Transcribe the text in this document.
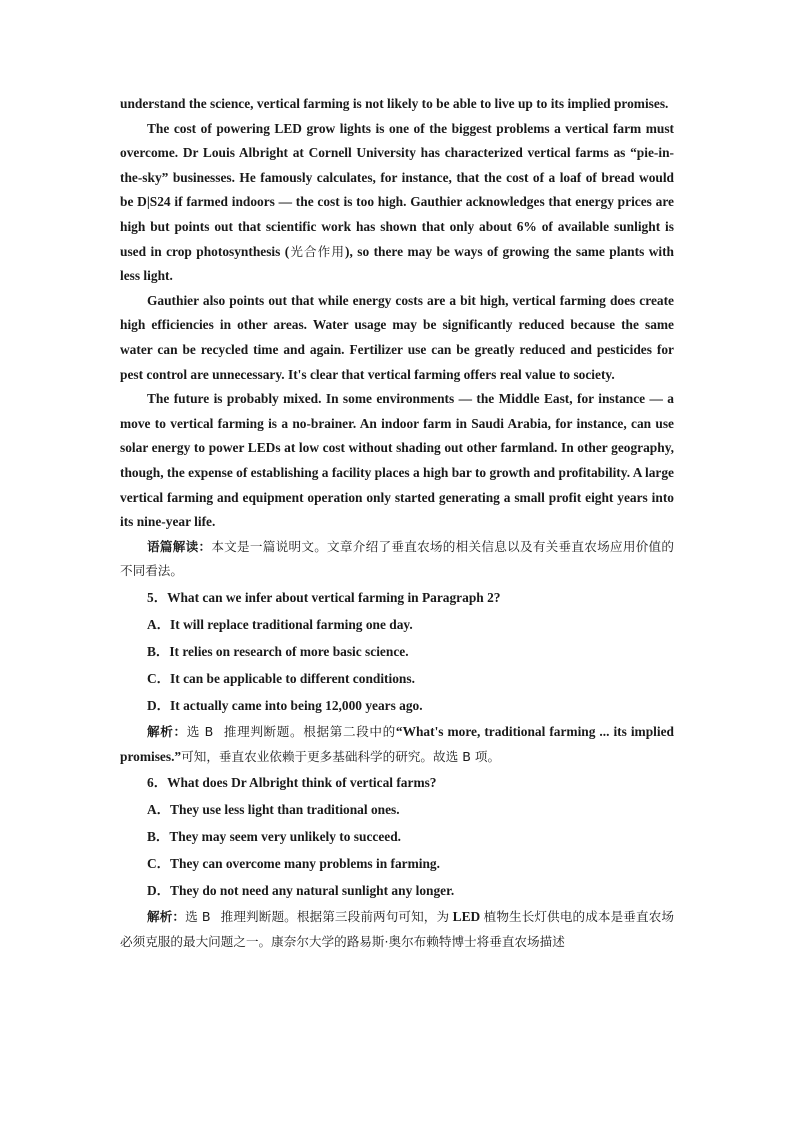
understand the science, vertical farming is not likely to be able to live up to its implied promises.

The cost of powering LED grow lights is one of the biggest problems a vertical farm must overcome. Dr Louis Albright at Cornell University has characterized vertical farms as “pie-in-the-sky” businesses. He famously calculates, for instance, that the cost of a loaf of bread would be D|S24 if farmed indoors — the cost is too high. Gauthier acknowledges that energy prices are high but points out that scientific work has shown that only about 6% of available sunlight is used in crop photosynthesis (光合作用), so there may be ways of growing the same plants with less light.

Gauthier also points out that while energy costs are a bit high, vertical farming does create high efficiencies in other areas. Water usage may be significantly reduced because the same water can be recycled time and again. Fertilizer use can be greatly reduced and pesticides for pest control are unnecessary. It's clear that vertical farming offers real value to society.

The future is probably mixed. In some environments — the Middle East, for instance — a move to vertical farming is a no-brainer. An indoor farm in Saudi Arabia, for instance, can use solar energy to power LEDs at low cost without shading out other farmland. In other geography, though, the expense of establishing a facility places a high bar to growth and profitability. A large vertical farming and equipment operation only started generating a small profit eight years into its nine-year life.

语篇解读：本文是一篇说明文。文章介绍了垂直农场的相关信息以及有关垂直农场应用价值的不同看法。

5．What can we infer about vertical farming in Paragraph 2?

A．It will replace traditional farming one day.

B．It relies on research of more basic science.

C．It can be applicable to different conditions.

D．It actually came into being 12,000 years ago.

解析：选 B 推理判断题。根据第二段中的“What's more, traditional farming ... its implied promises.”可知，垂直农业依赖于更多基础科学的研究。故选 B 项。

6．What does Dr Albright think of vertical farms?

A．They use less light than traditional ones.

B．They may seem very unlikely to succeed.

C．They can overcome many problems in farming.

D．They do not need any natural sunlight any longer.

解析：选 B 推理判断题。根据第三段前两句可知，为 LED 植物生长灯供电的成本是垂直农场必须克服的最大问题之一。康奈尔大学的路易斯·奥尔布赖特博士将垂直农场描述
